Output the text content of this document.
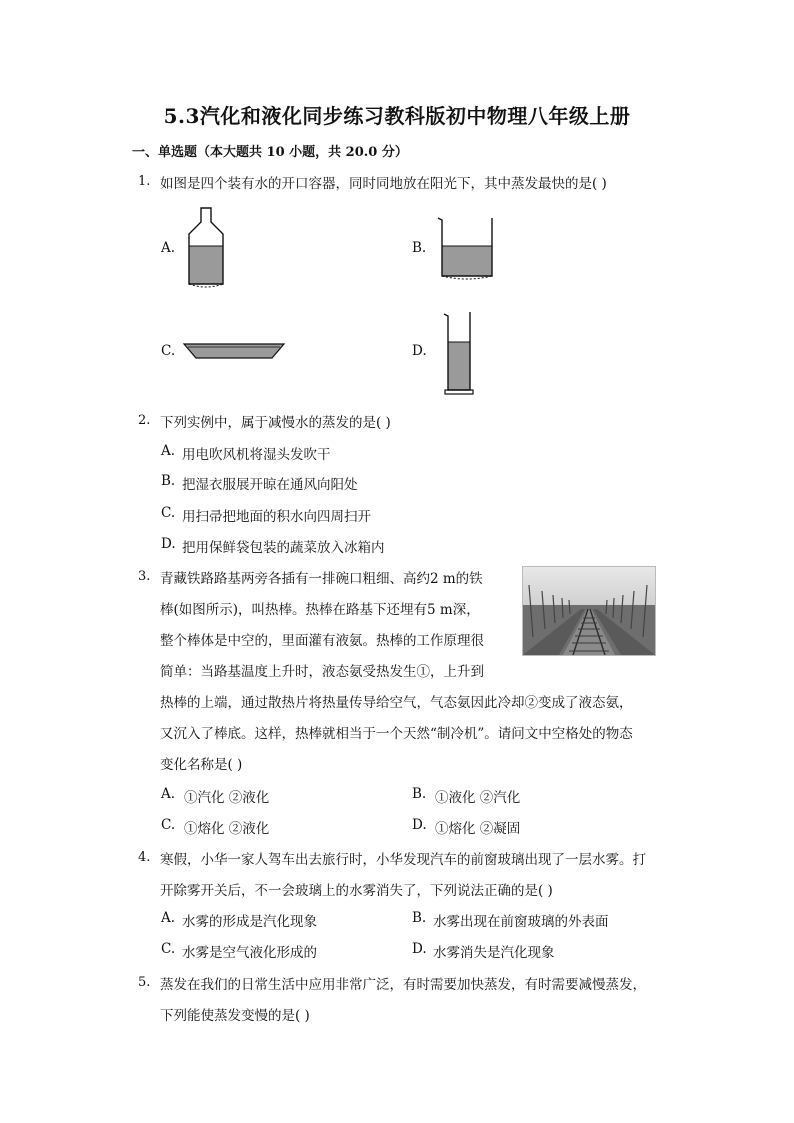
5.3汽化和液化同步练习教科版初中物理八年级上册
一、单选题（本大题共 10 小题，共 20.0 分）
1. 如图是四个装有水的开口容器，同时同地放在阳光下，其中蒸发最快的是( )
A.	B.
C.	D.
2. 下列实例中，属于减慢水的蒸发的是( )
A. 用电吹风机将湿头发吹干
B. 把湿衣服展开晾在通风向阳处
C. 用扫帚把地面的积水向四周扫开
D. 把用保鲜袋包装的蔬菜放入冰箱内
3. 青藏铁路路基两旁各插有一排碗口粗细、高约2 m的铁
棒(如图所示)，叫热棒。热棒在路基下还埋有5 m深，
整个棒体是中空的，里面灌有液氨。热棒的工作原理很
简单：当路基温度上升时，液态氨受热发生①，上升到
热棒的上端，通过散热片将热量传导给空气，气态氨因此冷却②变成了液态氨，
又沉入了棒底。这样，热棒就相当于一个天然“制冷机”。请问文中空格处的物态
变化名称是( )
A. ①汽化 ②液化	B. ①液化 ②汽化
C. ①熔化 ②液化	D. ①熔化 ②凝固
4. 寒假，小华一家人驾车出去旅行时，小华发现汽车的前窗玻璃出现了一层水雾。打
开除雾开关后，不一会玻璃上的水雾消失了，下列说法正确的是( )
A. 水雾的形成是汽化现象	B. 水雾出现在前窗玻璃的外表面
C. 水雾是空气液化形成的	D. 水雾消失是汽化现象
5. 蒸发在我们的日常生活中应用非常广泛，有时需要加快蒸发，有时需要减慢蒸发，
下列能使蒸发变慢的是( )
